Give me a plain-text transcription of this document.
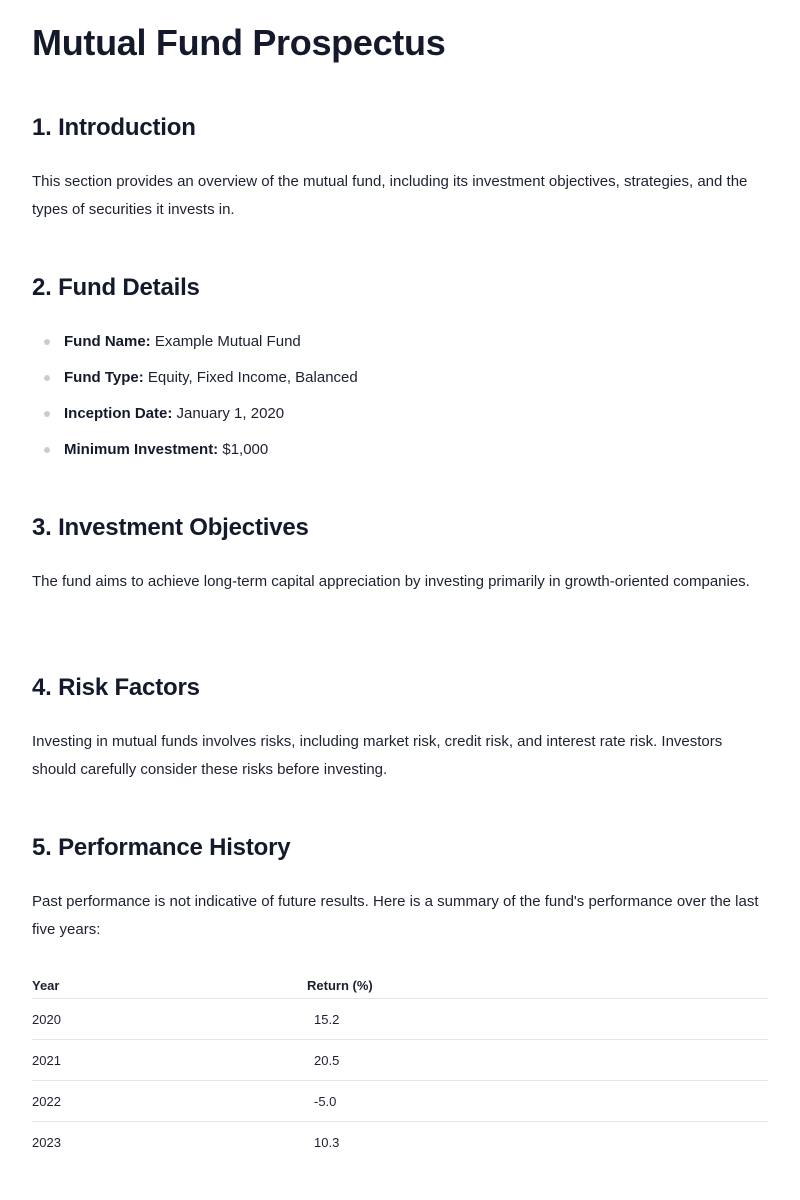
Mutual Fund Prospectus
1. Introduction

This section provides an overview of the mutual fund, including its investment objectives, strategies, and the types of securities it invests in.

2. Fund Details
Fund Name: Example Mutual Fund
Fund Type: Equity, Fixed Income, Balanced
Inception Date: January 1, 2020
Minimum Investment: $1,000
3. Investment Objectives

The fund aims to achieve long-term capital appreciation by investing primarily in growth-oriented companies.

4. Risk Factors

Investing in mutual funds involves risks, including market risk, credit risk, and interest rate risk. Investors should carefully consider these risks before investing.

5. Performance History

Past performance is not indicative of future results. Here is a summary of the fund's performance over the last five years:

Year	Return (%)
2020	15.2
2021	20.5
2022	-5.0
2023	10.3
